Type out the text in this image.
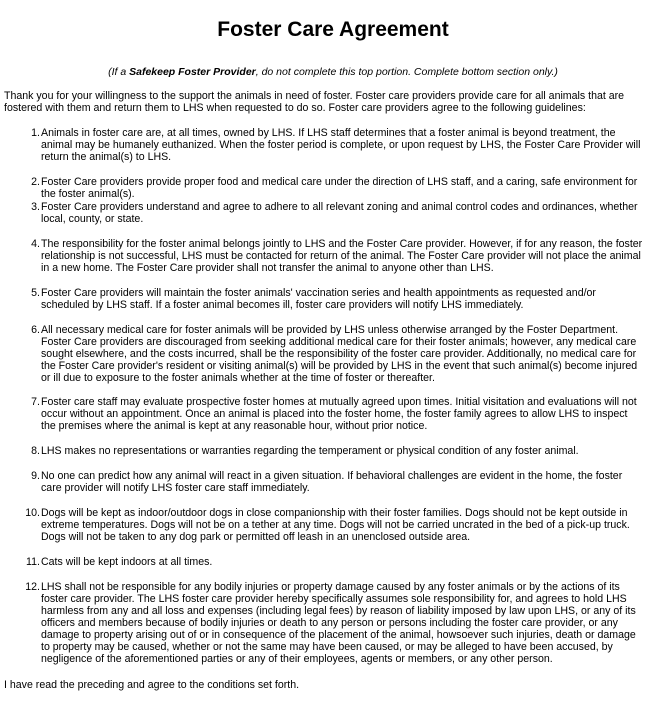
Foster Care Agreement
(If a Safekeep Foster Provider, do not complete this top portion. Complete bottom section only.)
Thank you for your willingness to the support the animals in need of foster. Foster care providers provide care for all animals that are fostered with them and return them to LHS when requested to do so. Foster care providers agree to the following guidelines:
1. Animals in foster care are, at all times, owned by LHS. If LHS staff determines that a foster animal is beyond treatment, the animal may be humanely euthanized. When the foster period is complete, or upon request by LHS, the Foster Care Provider will return the animal(s) to LHS.
2. Foster Care providers provide proper food and medical care under the direction of LHS staff, and a caring, safe environment for the foster animal(s).
3. Foster Care providers understand and agree to adhere to all relevant zoning and animal control codes and ordinances, whether local, county, or state.
4. The responsibility for the foster animal belongs jointly to LHS and the Foster Care provider. However, if for any reason, the foster relationship is not successful, LHS must be contacted for return of the animal. The Foster Care provider will not place the animal in a new home. The Foster Care provider shall not transfer the animal to anyone other than LHS.
5. Foster Care providers will maintain the foster animals' vaccination series and health appointments as requested and/or scheduled by LHS staff. If a foster animal becomes ill, foster care providers will notify LHS immediately.
6. All necessary medical care for foster animals will be provided by LHS unless otherwise arranged by the Foster Department. Foster Care providers are discouraged from seeking additional medical care for their foster animals; however, any medical care sought elsewhere, and the costs incurred, shall be the responsibility of the foster care provider. Additionally, no medical care for the Foster Care provider's resident or visiting animal(s) will be provided by LHS in the event that such animal(s) become injured or ill due to exposure to the foster animals whether at the time of foster or thereafter.
7. Foster care staff may evaluate prospective foster homes at mutually agreed upon times. Initial visitation and evaluations will not occur without an appointment. Once an animal is placed into the foster home, the foster family agrees to allow LHS to inspect the premises where the animal is kept at any reasonable hour, without prior notice.
8. LHS makes no representations or warranties regarding the temperament or physical condition of any foster animal.
9. No one can predict how any animal will react in a given situation. If behavioral challenges are evident in the home, the foster care provider will notify LHS foster care staff immediately.
10. Dogs will be kept as indoor/outdoor dogs in close companionship with their foster families. Dogs should not be kept outside in extreme temperatures. Dogs will not be on a tether at any time. Dogs will not be carried uncrated in the bed of a pick-up truck. Dogs will not be taken to any dog park or permitted off leash in an unenclosed outside area.
11. Cats will be kept indoors at all times.
12. LHS shall not be responsible for any bodily injuries or property damage caused by any foster animals or by the actions of its foster care provider. The LHS foster care provider hereby specifically assumes sole responsibility for, and agrees to hold LHS harmless from any and all loss and expenses (including legal fees) by reason of liability imposed by law upon LHS, or any of its officers and members because of bodily injuries or death to any person or persons including the foster care provider, or any damage to property arising out of or in consequence of the placement of the animal, howsoever such injuries, death or damage to property may be caused, whether or not the same may have been caused, or may be alleged to have been accused, by negligence of the aforementioned parties or any of their employees, agents or members, or any other person.
I have read the preceding and agree to the conditions set forth.
